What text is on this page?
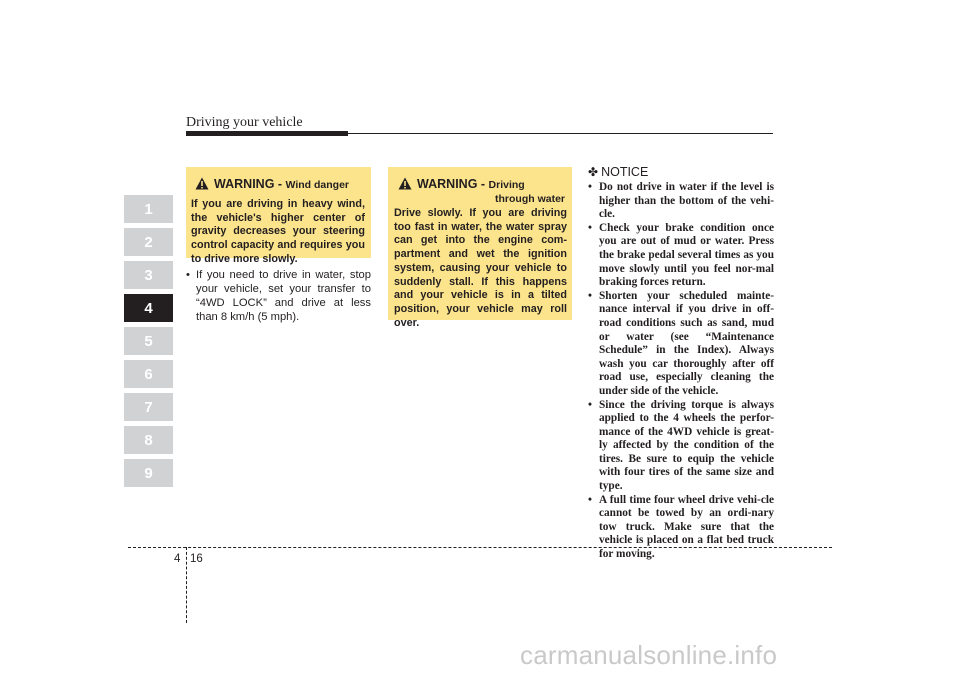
Driving your vehicle
1
2
3
4
5
6
7
8
9
WARNING - Wind danger
If you are driving in heavy wind, the vehicle's higher center of gravity decreases your steering control capacity and requires you to drive more slowly.
• If you need to drive in water, stop your vehicle, set your transfer to “4WD LOCK” and drive at less than 8 km/h (5 mph).
WARNING - Driving
through water
Drive slowly. If you are driving too fast in water, the water spray can get into the engine com-partment and wet the ignition system, causing your vehicle to suddenly stall. If this happens and your vehicle is in a tilted position, your vehicle may roll over.
✤ NOTICE
• Do not drive in water if the level is higher than the bottom of the vehi-cle.
• Check your brake condition once you are out of mud or water. Press the brake pedal several times as you move slowly until you feel nor-mal braking forces return.
• Shorten your scheduled mainte-nance interval if you drive in off-road conditions such as sand, mud or water (see “Maintenance Schedule” in the Index). Always wash you car thoroughly after off road use, especially cleaning the under side of the vehicle.
• Since the driving torque is always applied to the 4 wheels the perfor-mance of the 4WD vehicle is great-ly affected by the condition of the tires. Be sure to equip the vehicle with four tires of the same size and type.
• A full time four wheel drive vehi-cle cannot be towed by an ordi-nary tow truck. Make sure that the vehicle is placed on a flat bed truck for moving.
4 16
carmanualsonline.info
